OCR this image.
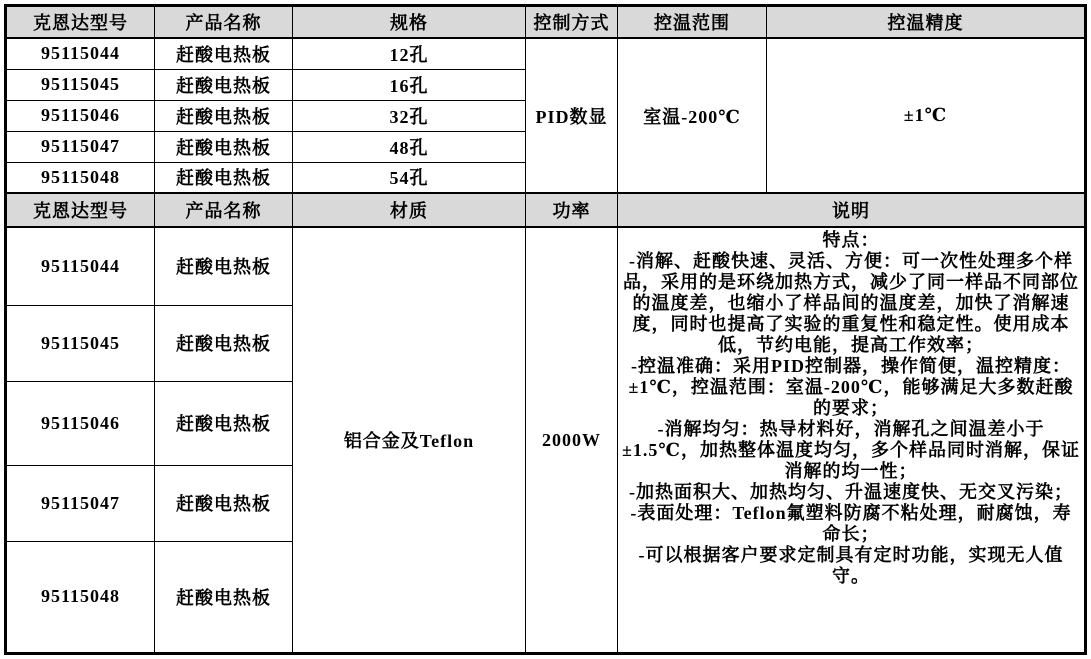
克恩达型号	产品名称	规格	控制方式	控温范围	控温精度
95115044	赶酸电热板	12孔	PID数显	室温-200℃	±1℃
95115045	赶酸电热板	16孔			
95115046	赶酸电热板	32孔			
95115047	赶酸电热板	48孔			
95115048	赶酸电热板	54孔			
克恩达型号	产品名称	材质	功率	说明	
95115044	赶酸电热板	铝合金及Teflon	2000W	

特点：

-消解、赶酸快速、灵活、方便：可一次性处理多个样品，采用的是环绕加热方式，减少了同一样品不同部位的温度差，也缩小了样品间的温度差，加快了消解速度，同时也提高了实验的重复性和稳定性。使用成本低，节约电能，提高工作效率；

-控温准确：采用PID控制器，操作简便，温控精度：±1℃，控温范围：室温-200℃，能够满足大多数赶酸的要求；

-消解均匀：热导材料好，消解孔之间温差小于±1.5℃，加热整体温度均匀，多个样品同时消解，保证消解的均一性；

-加热面积大、加热均匀、升温速度快、无交叉污染；

-表面处理：Teflon氟塑料防腐不粘处理，耐腐蚀，寿命长；

-可以根据客户要求定制具有定时功能，实现无人值守。

95115045	赶酸电热板				
95115046	赶酸电热板				
95115047	赶酸电热板				
95115048	赶酸电热板				
